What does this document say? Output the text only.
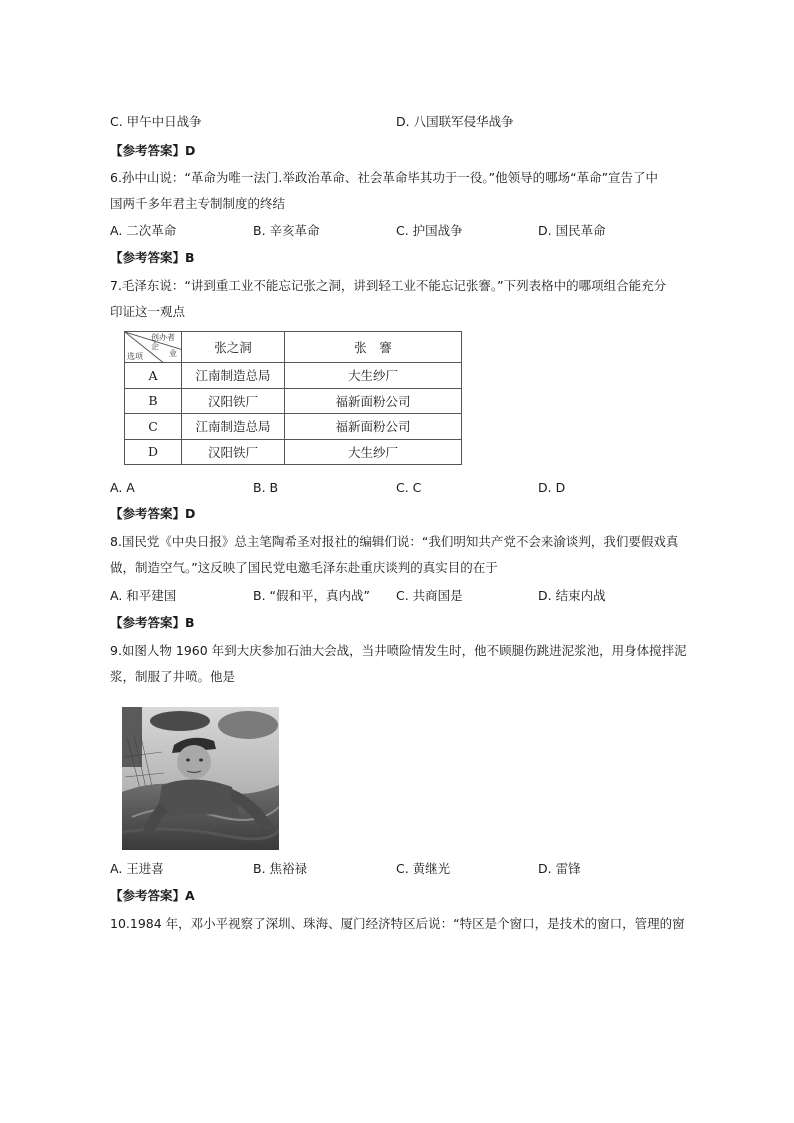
C. 甲午中日战争	D. 八国联军侵华战争
【参考答案】D
6.孙中山说：“革命为唯一法门.举政治革命、社会革命毕其功于一役。”他领导的哪场“革命”宣告了中
国两千多年君主专制制度的终结
A. 二次革命	B. 辛亥革命	C. 护国战争	D. 国民革命
【参考答案】B
7.毛泽东说：“讲到重工业不能忘记张之洞，讲到轻工业不能忘记张謇。”下列表格中的哪项组合能充分
印证这一观点
创办者
企
业
选项	张之洞	张　謇
A	江南制造总局	大生纱厂
B	汉阳铁厂	福新面粉公司
C	江南制造总局	福新面粉公司
D	汉阳铁厂	大生纱厂
A. A	B. B	C. C	D. D
【参考答案】D
8.国民党《中央日报》总主笔陶希圣对报社的编辑们说：“我们明知共产党不会来渝谈判，我们要假戏真
做，制造空气。”这反映了国民党电邀毛泽东赴重庆谈判的真实目的在于
A. 和平建国	B. “假和平，真内战” C. 共商国是	D. 结束内战
【参考答案】B
9.如图人物 1960 年到大庆参加石油大会战，当井喷险情发生时，他不顾腿伤跳进泥浆池，用身体搅拌泥
浆，制服了井喷。他是
A. 王进喜	B. 焦裕禄	C. 黄继光	D. 雷锋
【参考答案】A
10.1984 年，邓小平视察了深圳、珠海、厦门经济特区后说：“特区是个窗口，是技术的窗口，管理的窗
